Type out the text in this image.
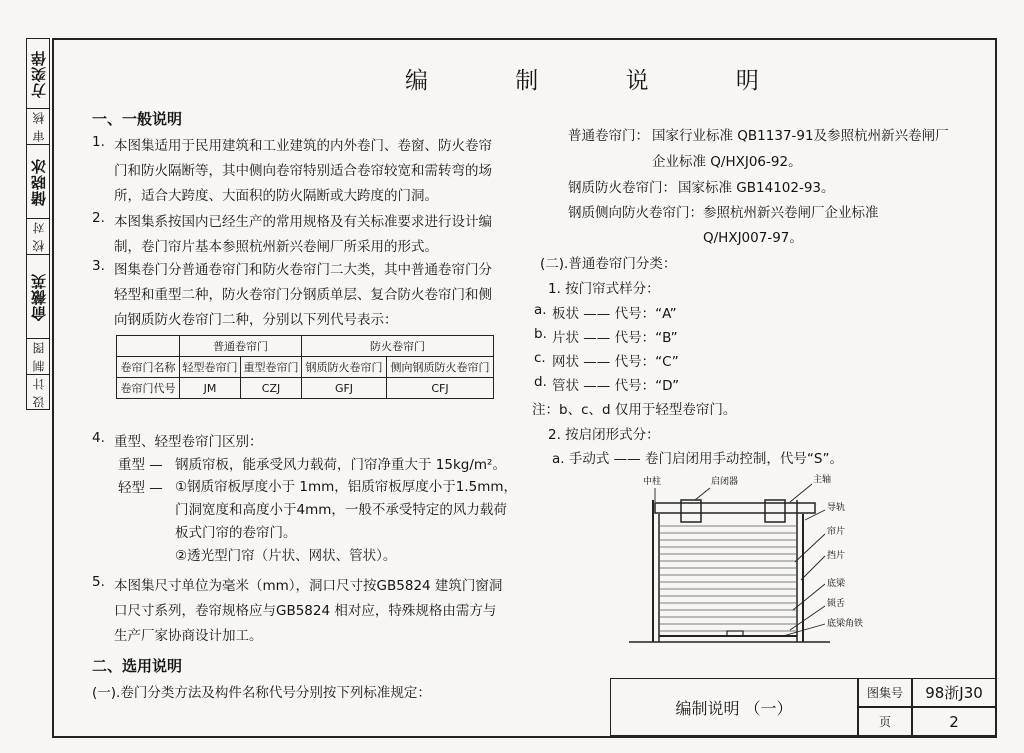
方奕倖
审 核
储晓冰
校 对
俞薇英
制 图
设 计
编 制 说 明
一、一般说明
1. 本图集适用于民用建筑和工业建筑的内外卷门、卷窗、防火卷帘
门和防火隔断等，其中侧向卷帘特别适合卷帘较宽和需转弯的场
所，适合大跨度、大面积的防火隔断或大跨度的门洞。
2. 本图集系按国内已经生产的常用规格及有关标准要求进行设计编
制，卷门帘片基本参照杭州新兴卷闸厂所采用的形式。
3. 图集卷门分普通卷帘门和防火卷帘门二大类，其中普通卷帘门分
轻型和重型二种，防火卷帘门分钢质单层、复合防火卷帘门和侧
向钢质防火卷帘门二种，分别以下列代号表示：
	普通卷帘门		防火卷帘门	
卷帘门名称	轻型卷帘门	重型卷帘门	钢质防火卷帘门	侧向钢质防火卷帘门
卷帘门代号	JM	CZJ	GFJ	CFJ
4. 重型、轻型卷帘门区别：
重型 — 钢质帘板，能承受风力载荷，门帘净重大于 15kg/m²。
轻型 — ①钢质帘板厚度小于 1mm，铝质帘板厚度小于1.5mm，
门洞宽度和高度小于4mm，一般不承受特定的风力载荷
板式门帘的卷帘门。
②透光型门帘（片状、网状、管状）。
5. 本图集尺寸单位为毫米（mm），洞口尺寸按GB5824 建筑门窗洞
口尺寸系列，卷帘规格应与GB5824 相对应，特殊规格由需方与
生产厂家协商设计加工。
二、选用说明
(一).卷门分类方法及构件名称代号分别按下列标准规定：
普通卷帘门： 国家行业标准 QB1137-91及参照杭州新兴卷闸厂
企业标准 Q/HXJ06-92。
钢质防火卷帘门： 国家标准 GB14102-93。
钢质侧向防火卷帘门： 参照杭州新兴卷闸厂企业标准
Q/HXJ007-97。
(二).普通卷帘门分类：
1. 按门帘式样分：
板状 —— 代号：“A”
a.
片状 —— 代号：“B”
b.
网状 —— 代号：“C”
c.
管状 —— 代号：“D”
d.
注：b、c、d 仅用于轻型卷帘门。
2. 按启闭形式分：
a. 手动式 —— 卷门启闭用手动控制，代号“S”。
中柱	启闭器	主轴
导轨
帘片
挡片
底梁
锁舌
底梁角铁
编制说明 （一）
图集号	98浙J30
页	2
